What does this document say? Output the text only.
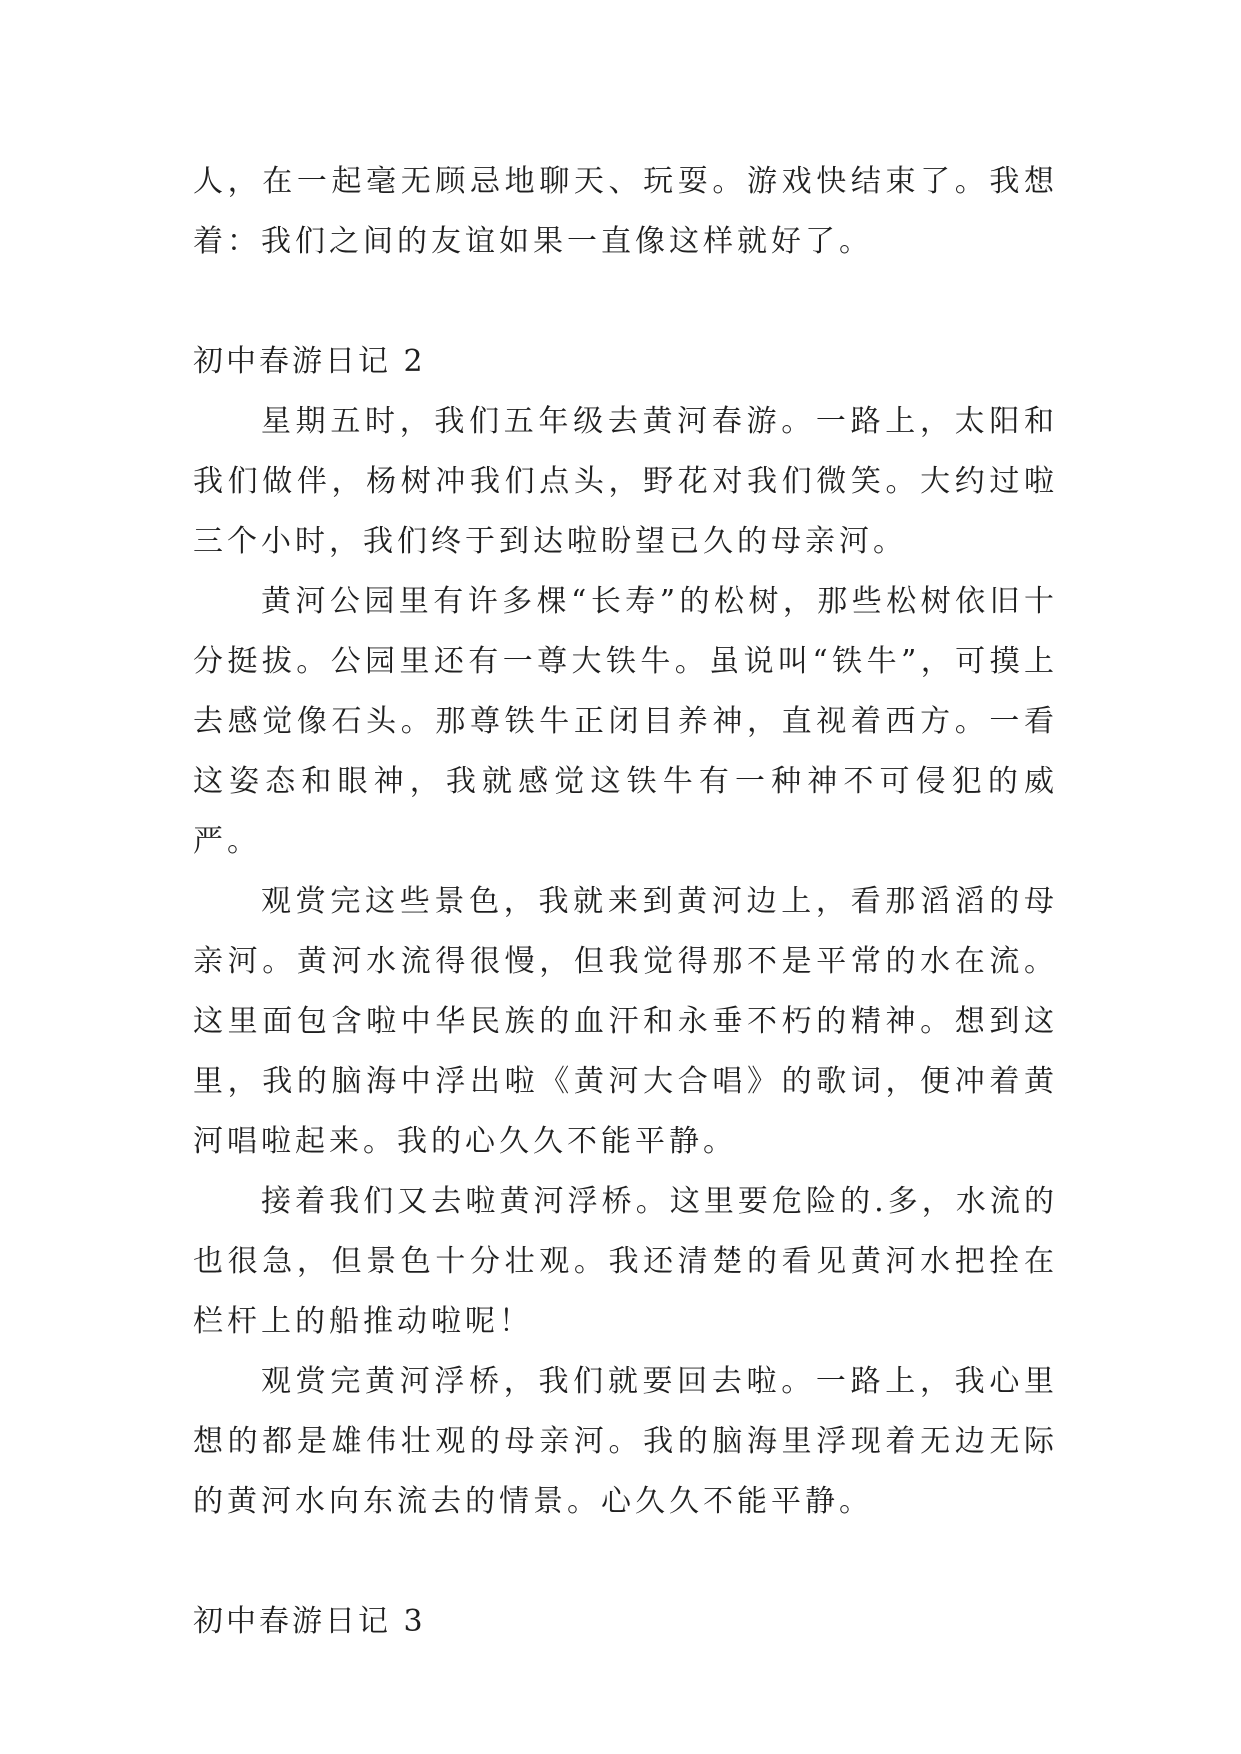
人，在一起毫无顾忌地聊天、玩耍。游戏快结束了。我想着：我们之间的友谊如果一直像这样就好了。

初中春游日记 2

星期五时，我们五年级去黄河春游。一路上，太阳和我们做伴，杨树冲我们点头，野花对我们微笑。大约过啦三个小时，我们终于到达啦盼望已久的母亲河。

黄河公园里有许多棵“长寿”的松树，那些松树依旧十分挺拔。公园里还有一尊大铁牛。虽说叫“铁牛”，可摸上去感觉像石头。那尊铁牛正闭目养神，直视着西方。一看这姿态和眼神，我就感觉这铁牛有一种神不可侵犯的威严。

观赏完这些景色，我就来到黄河边上，看那滔滔的母亲河。黄河水流得很慢，但我觉得那不是平常的水在流。这里面包含啦中华民族的血汗和永垂不朽的精神。想到这里，我的脑海中浮出啦《黄河大合唱》的歌词，便冲着黄河唱啦起来。我的心久久不能平静。

接着我们又去啦黄河浮桥。这里要危险的.多，水流的也很急，但景色十分壮观。我还清楚的看见黄河水把拴在栏杆上的船推动啦呢！

观赏完黄河浮桥，我们就要回去啦。一路上，我心里想的都是雄伟壮观的母亲河。我的脑海里浮现着无边无际的黄河水向东流去的情景。心久久不能平静。

初中春游日记 3
